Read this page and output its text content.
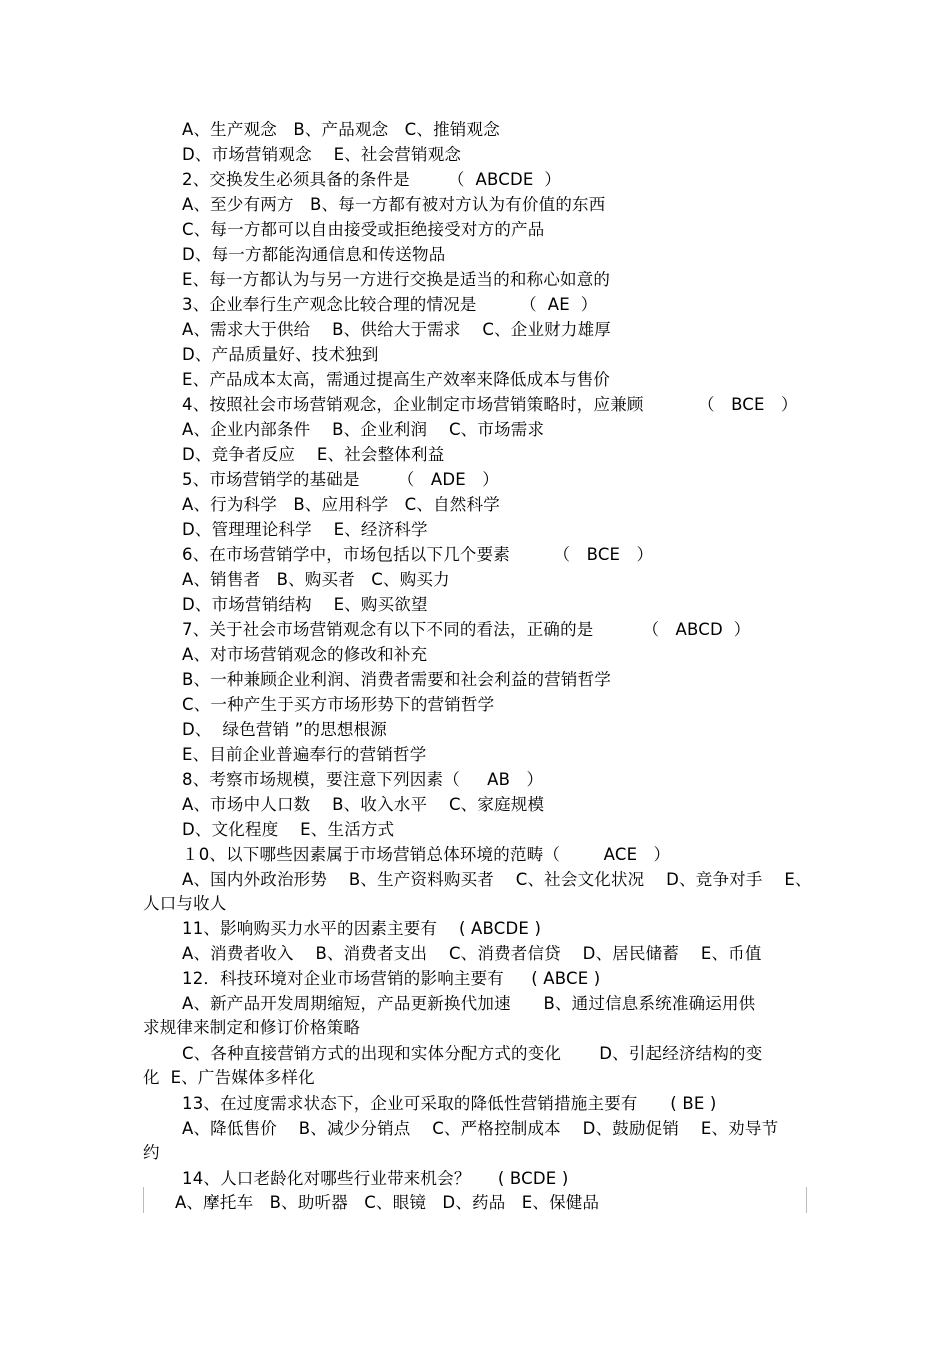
A、生产观念   B、产品观念   C、推销观念
D、市场营销观念    E、社会营销观念
2、交换发生必须具备的条件是       （  ABCDE  ）
A、至少有两方   B、每一方都有被对方认为有价值的东西
C、每一方都可以自由接受或拒绝接受对方的产品
D、每一方都能沟通信息和传送物品
E、每一方都认为与另一方进行交换是适当的和称心如意的
3、企业奉行生产观念比较合理的情况是        （  AE  ）
A、需求大于供给    B、供给大于需求    C、企业财力雄厚
D、产品质量好、技术独到
E、产品成本太高，需通过提高生产效率来降低成本与售价
4、按照社会市场营销观念，企业制定市场营销策略时，应兼顾          （   BCE   ）
A、企业内部条件    B、企业利润    C、市场需求
D、竞争者反应    E、社会整体利益
5、市场营销学的基础是       （   ADE   ）
A、行为科学   B、应用科学   C、自然科学
D、管理理论科学    E、经济科学
6、在市场营销学中，市场包括以下几个要素        （   BCE   ）
A、销售者   B、购买者   C、购买力
D、市场营销结构    E、购买欲望
7、关于社会市场营销观念有以下不同的看法，正确的是         （   ABCD  ）
A、对市场营销观念的修改和补充
B、一种兼顾企业利润、消费者需要和社会利益的营销哲学
C、一种产生于买方市场形势下的营销哲学
D、  绿色营销 ”的思想根源
E、目前企业普遍奉行的营销哲学
8、考察市场规模，要注意下列因素（     AB   ）
A、市场中人口数    B、收入水平    C、家庭规模
D、文化程度    E、生活方式
１0、以下哪些因素属于市场营销总体环境的范畴（        ACE   ）
A、国内外政治形势    B、生产资料购买者    C、社会文化状况    D、竞争对手    E、
人口与收人
11、影响购买力水平的因素主要有    ( ABCDE )
A、消费者收入    B、消费者支出    C、消费者信贷    D、居民储蓄    E、币值
12．科技环境对企业市场营销的影响主要有     ( ABCE )
A、新产品开发周期缩短，产品更新换代加速      B、通过信息系统准确运用供
求规律来制定和修订价格策略
C、各种直接营销方式的出现和实体分配方式的变化       D、引起经济结构的变
化  E、广告媒体多样化
13、在过度需求状态下，企业可采取的降低性营销措施主要有      ( BE )
A、降低售价    B、减少分销点    C、严格控制成本    D、鼓励促销    E、劝导节
约
14、人口老龄化对哪些行业带来机会？     ( BCDE )
A、摩托车   B、助听器   C、眼镜   D、药品   E、保健品
